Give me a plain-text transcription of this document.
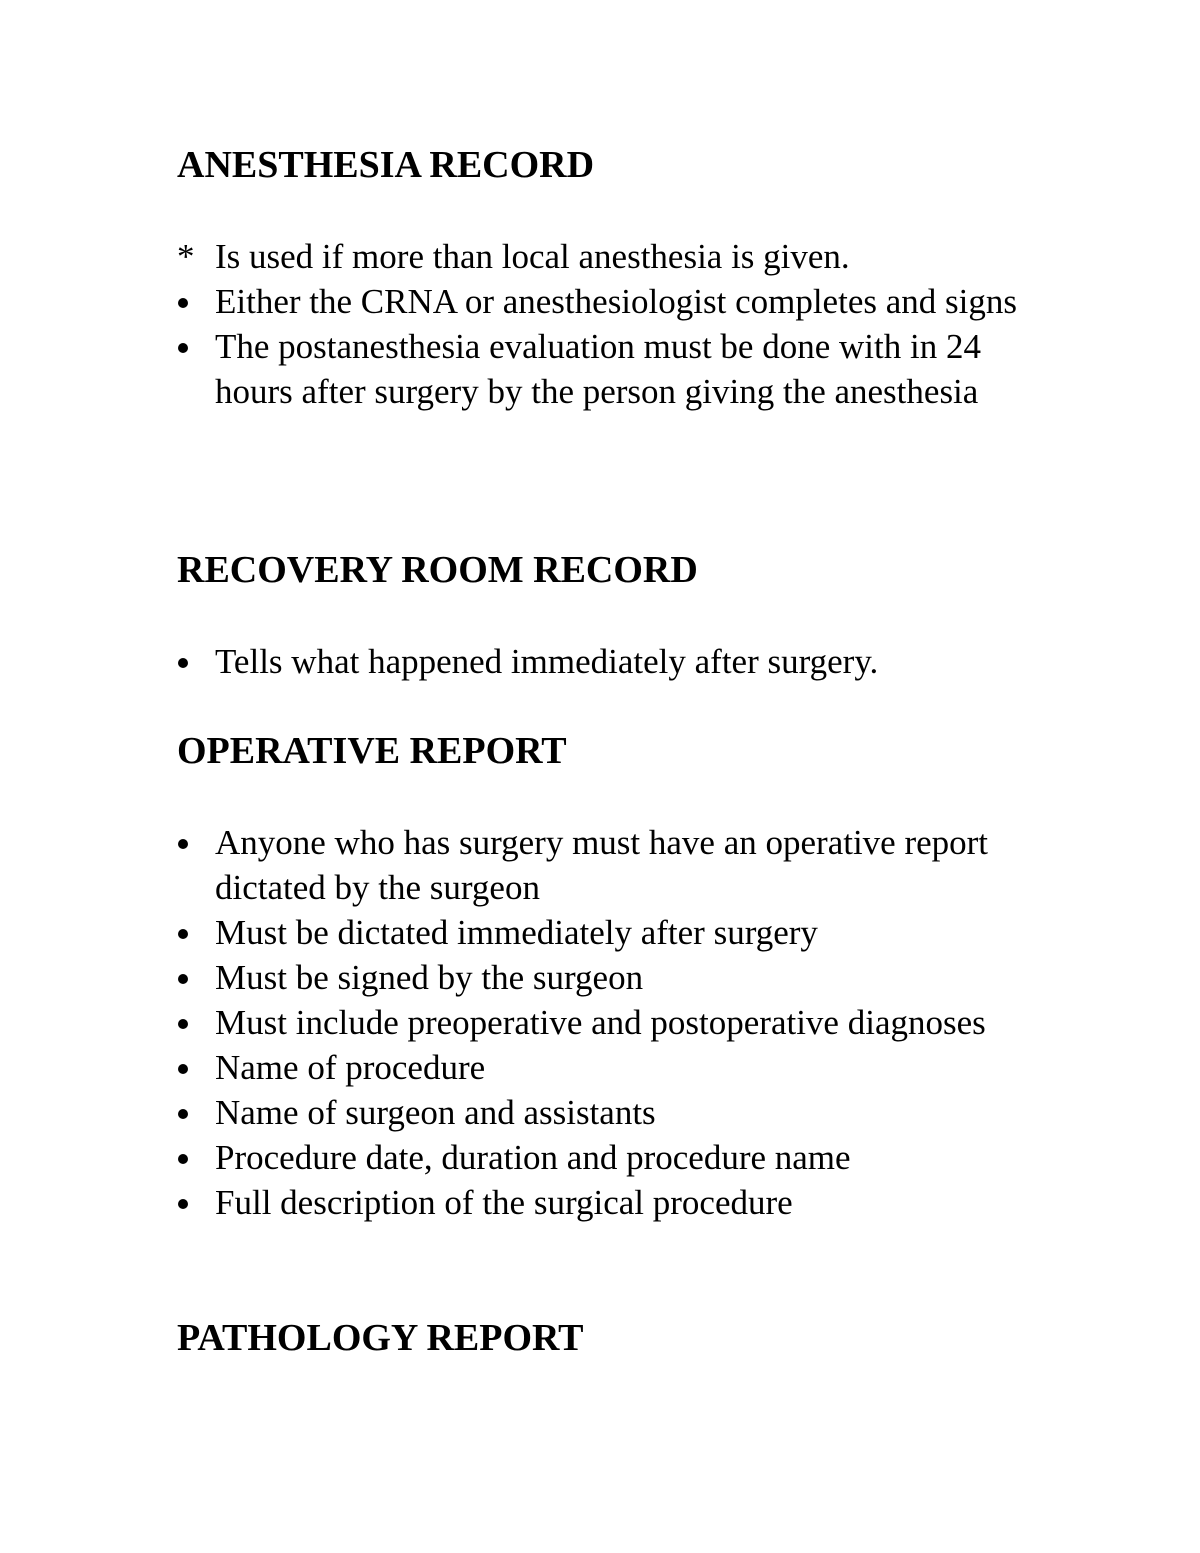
ANESTHESIA RECORD
* Is used if more than local anesthesia is given.
Either the CRNA or anesthesiologist completes and signs
The postanesthesia evaluation must be done with in 24 hours after surgery by the person giving the anesthesia
RECOVERY ROOM RECORD
Tells what happened immediately after surgery.
OPERATIVE REPORT
Anyone who has surgery must have an operative report dictated by the surgeon
Must be dictated immediately after surgery
Must be signed by the surgeon
Must include preoperative and postoperative diagnoses
Name of procedure
Name of surgeon and assistants
Procedure date, duration and procedure name
Full description of the surgical procedure
PATHOLOGY REPORT
